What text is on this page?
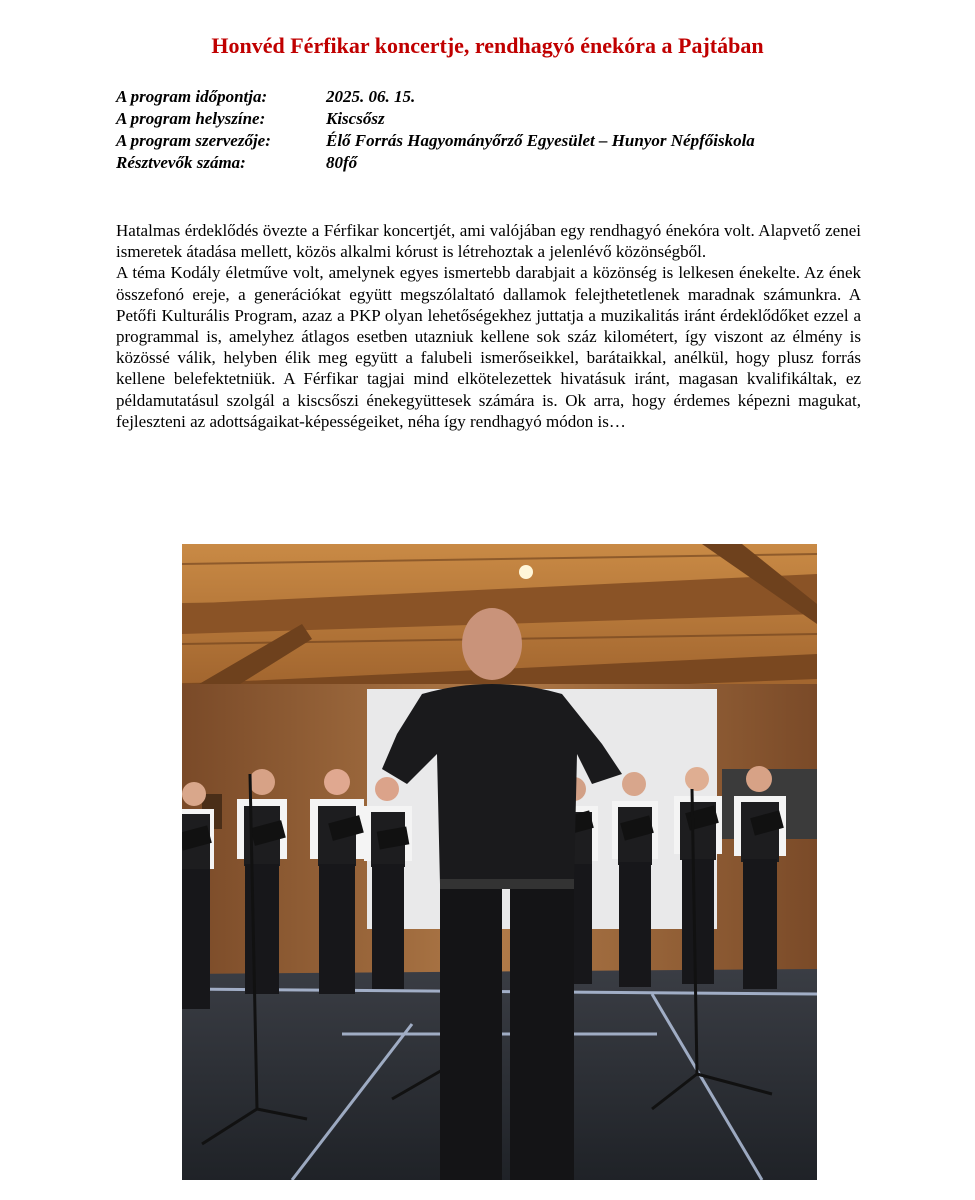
Honvéd Férfikar koncertje, rendhagyó énekóra a Pajtában
A program időpontja:	2025. 06. 15.
A program helyszíne:	Kiscsősz
A program szervezője:	Élő Forrás Hagyományőrző Egyesület – Hunyor Népfőiskola
Résztvevők száma:	80fő

Hatalmas érdeklődés övezte a Férfikar koncertjét, ami valójában egy rendhagyó énekóra volt. Alapvető zenei ismeretek átadása mellett, közös alkalmi kórust is létrehoztak a jelenlévő közönségből.

A téma Kodály életműve volt, amelynek egyes ismertebb darabjait a közönség is lelkesen énekelte. Az ének összefonó ereje, a generációkat együtt megszólaltató dallamok felejthetetlenek maradnak számunkra. A Petőfi Kulturális Program, azaz a PKP olyan lehetőségekhez juttatja a muzikalitás iránt érdeklődőket ezzel a programmal is, amelyhez átlagos esetben utazniuk kellene sok száz kilométert, így viszont az élmény is közössé válik, helyben élik meg együtt a falubeli ismerőseikkel, barátaikkal, anélkül, hogy plusz forrás kellene belefektetniük. A Férfikar tagjai mind elkötelezettek hivatásuk iránt, magasan kvalifikáltak, ez példamutatásul szolgál a kiscsőszi énekegyüttesek számára is. Ok arra, hogy érdemes képezni magukat, fejleszteni az adottságaikat-képességeiket, néha így rendhagyó módon is…
